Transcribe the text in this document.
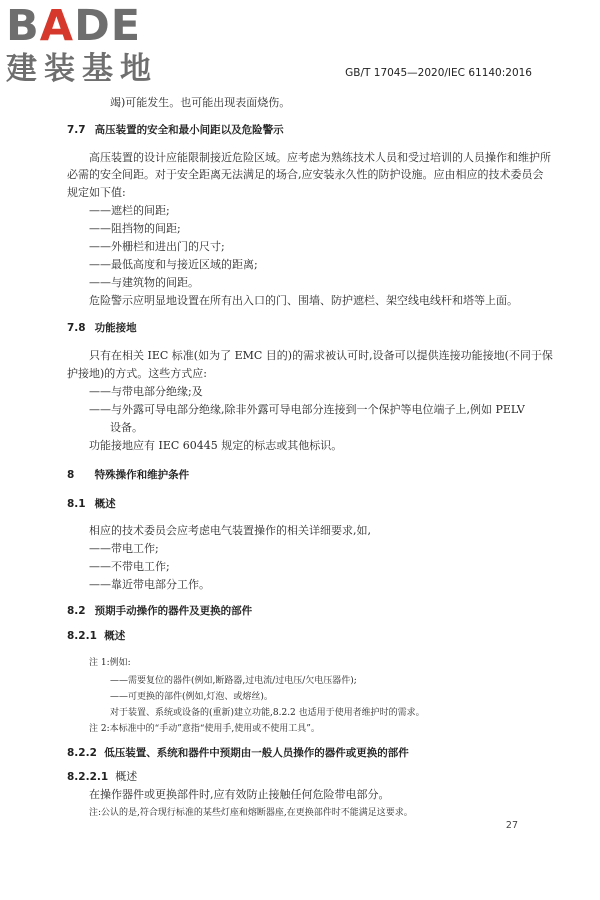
BADE
建装基地	GB/T 17045—2020/IEC 61140:2016
竭)可能发生。也可能出现表面烧伤。
7.7 高压装置的安全和最小间距以及危险警示
高压装置的设计应能限制接近危险区域。应考虑为熟练技术人员和受过培训的人员操作和维护所
必需的安全间距。对于安全距离无法满足的场合,应安装永久性的防护设施。应由相应的技术委员会
规定如下值:
——遮栏的间距;
——阻挡物的间距;
——外栅栏和进出门的尺寸;
——最低高度和与接近区域的距离;
——与建筑物的间距。
危险警示应明显地设置在所有出入口的门、围墙、防护遮栏、架空线电线杆和塔等上面。
7.8 功能接地
只有在相关 IEC 标准(如为了 EMC 目的)的需求被认可时,设备可以提供连接功能接地(不同于保
护接地)的方式。这些方式应:
——与带电部分绝缘;及
——与外露可导电部分绝缘,除非外露可导电部分连接到一个保护等电位端子上,例如 PELV
设备。
功能接地应有 IEC 60445 规定的标志或其他标识。
8 特殊操作和维护条件
8.1 概述
相应的技术委员会应考虑电气装置操作的相关详细要求,如,
——带电工作;
——不带电工作;
——靠近带电部分工作。
8.2 预期手动操作的器件及更换的部件
8.2.1 概述
注 1:例如:
——需要复位的器件(例如,断路器,过电流/过电压/欠电压器件);
——可更换的部件(例如,灯泡、或熔丝)。
对于装置、系统或设备的(重新)建立功能,8.2.2 也适用于使用者维护时的需求。
注 2:本标准中的“手动”意指“使用手,使用或不使用工具”。
8.2.2 低压装置、系统和器件中预期由一般人员操作的器件或更换的部件
8.2.2.1 概述
在操作器件或更换部件时,应有效防止接触任何危险带电部分。
注:公认的是,符合现行标准的某些灯座和熔断器座,在更换部件时不能满足这要求。
27
